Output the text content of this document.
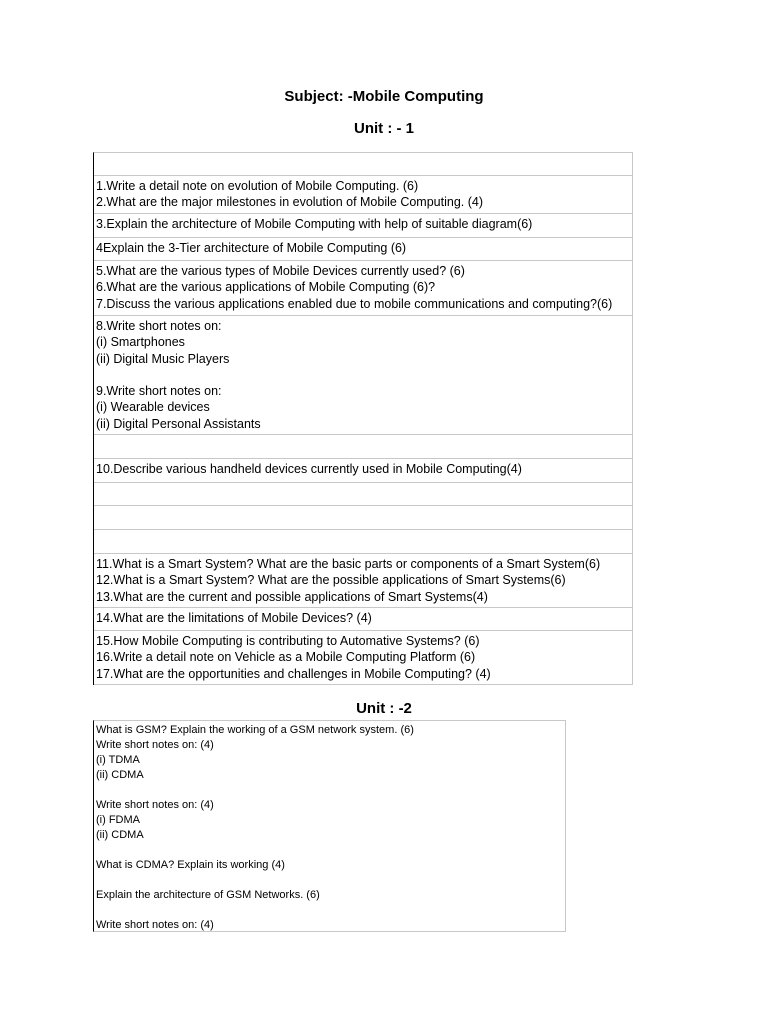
Subject: -Mobile Computing
Unit : - 1
1.Write a detail note on evolution of Mobile Computing. (6)
2.What are the major milestones in evolution of Mobile Computing. (4)
3.Explain the architecture of Mobile Computing with help of suitable diagram(6)
4Explain the 3-Tier architecture of Mobile Computing (6)
5.What are the various types of Mobile Devices currently used? (6)
6.What are the various applications of Mobile Computing (6)?
7.Discuss the various applications enabled due to mobile communications and computing?(6)
8.Write short notes on:
(i) Smartphones
(ii) Digital Music Players

9.Write short notes on:
(i) Wearable devices
(ii) Digital Personal Assistants
10.Describe various handheld devices currently used in Mobile Computing(4)
11.What is a Smart System? What are the basic parts or components of a Smart System(6)
12.What is a Smart System? What are the possible applications of Smart Systems(6)
13.What are the current and possible applications of Smart Systems(4)
14.What are the limitations of Mobile Devices? (4)
15.How Mobile Computing is contributing to Automative Systems? (6)
16.Write a detail note on Vehicle as a Mobile Computing Platform (6)
17.What are the opportunities and challenges in Mobile Computing? (4)
Unit : -2
What is GSM? Explain the working of a GSM network system. (6)
Write short notes on: (4)
(i) TDMA
(ii) CDMA

Write short notes on: (4)
(i) FDMA
(ii) CDMA

What is CDMA? Explain its working (4)

Explain the architecture of GSM Networks. (6)

Write short notes on: (4)
